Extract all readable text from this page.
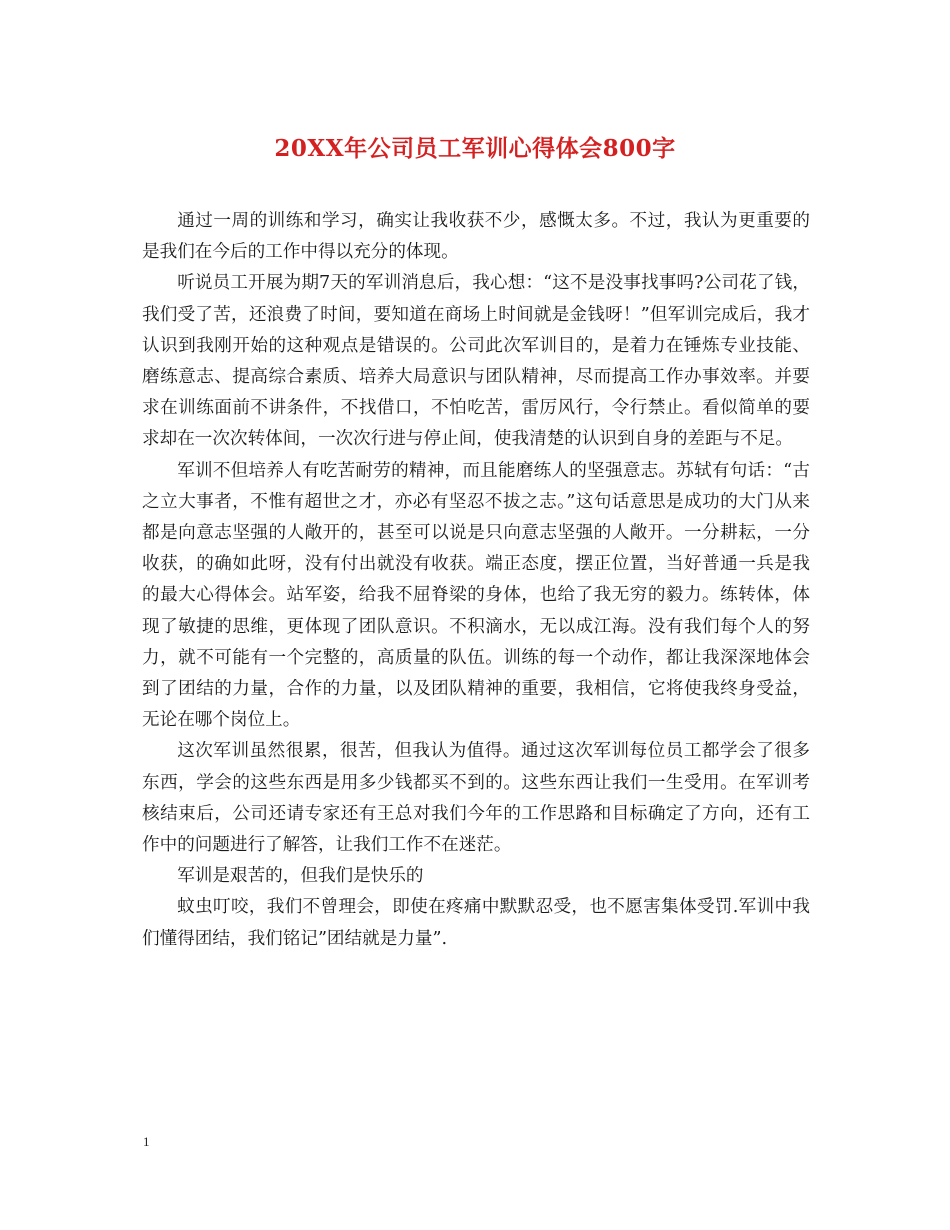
20XX年公司员工军训心得体会800字

通过一周的训练和学习，确实让我收获不少，感慨太多。不过，我认为更重要的是我们在今后的工作中得以充分的体现。

听说员工开展为期7天的军训消息后，我心想：“这不是没事找事吗?公司花了钱，我们受了苦，还浪费了时间，要知道在商场上时间就是金钱呀！”但军训完成后，我才认识到我刚开始的这种观点是错误的。公司此次军训目的，是着力在锤炼专业技能、磨练意志、提高综合素质、培养大局意识与团队精神，尽而提高工作办事效率。并要求在训练面前不讲条件，不找借口，不怕吃苦，雷厉风行，令行禁止。看似简单的要求却在一次次转体间，一次次行进与停止间，使我清楚的认识到自身的差距与不足。

军训不但培养人有吃苦耐劳的精神，而且能磨练人的坚强意志。苏轼有句话：“古之立大事者，不惟有超世之才，亦必有坚忍不拔之志。”这句话意思是成功的大门从来都是向意志坚强的人敞开的，甚至可以说是只向意志坚强的人敞开。一分耕耘，一分收获，的确如此呀，没有付出就没有收获。端正态度，摆正位置，当好普通一兵是我的最大心得体会。站军姿，给我不屈脊梁的身体，也给了我无穷的毅力。练转体，体现了敏捷的思维，更体现了团队意识。不积滴水，无以成江海。没有我们每个人的努力，就不可能有一个完整的，高质量的队伍。训练的每一个动作，都让我深深地体会到了团结的力量，合作的力量，以及团队精神的重要，我相信，它将使我终身受益，无论在哪个岗位上。

这次军训虽然很累，很苦，但我认为值得。通过这次军训每位员工都学会了很多东西，学会的这些东西是用多少钱都买不到的。这些东西让我们一生受用。在军训考核结束后，公司还请专家还有王总对我们今年的工作思路和目标确定了方向，还有工作中的问题进行了解答，让我们工作不在迷茫。

军训是艰苦的，但我们是快乐的

蚊虫叮咬，我们不曾理会，即使在疼痛中默默忍受，也不愿害集体受罚.军训中我们懂得团结，我们铭记”团结就是力量”.

1
